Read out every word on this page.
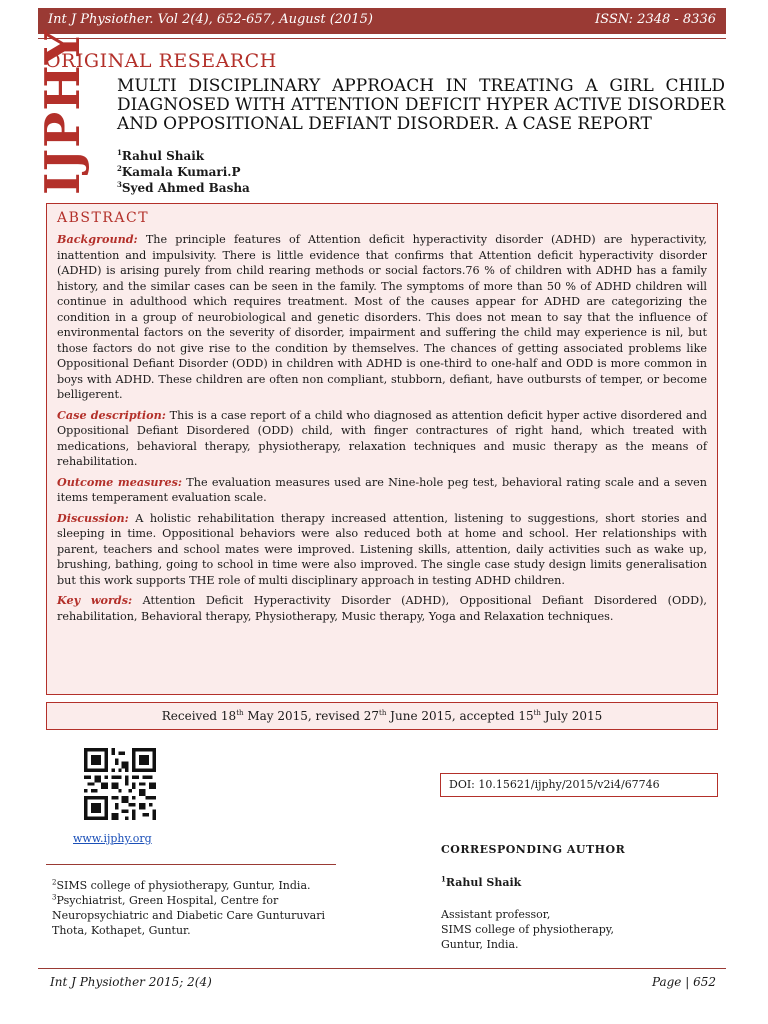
Int J Physiother. Vol 2(4), 652-657, August (2015)	ISSN: 2348 - 8336
ORIGINAL RESEARCH
IJPHY MULTI DISCIPLINARY APPROACH IN TREATING A GIRL CHILD DIAGNOSED WITH ATTENTION DEFICIT HYPER ACTIVE DISORDER AND OPPOSITIONAL DEFIANT DISORDER. A CASE REPORT
$^1$Rahul Shaik
$^2$Kamala Kumari.P
$^3$Syed Ahmed Basha
ABSTRACT

Background: The principle features of Attention deficit hyperactivity disorder (ADHD) are hyperactivity, inattention and impulsivity. There is little evidence that confirms that Attention deficit hyperactivity disorder (ADHD) is arising purely from child rearing methods or social factors.76 % of children with ADHD has a family history, and the similar cases can be seen in the family. The symptoms of more than 50 % of ADHD children will continue in adulthood which requires treatment. Most of the causes appear for ADHD are categorizing the condition in a group of neurobiological and genetic disorders. This does not mean to say that the influence of environmental factors on the severity of disorder, impairment and suffering the child may experience is nil, but those factors do not give rise to the condition by themselves. The chances of getting associated problems like Oppositional Defiant Disorder (ODD) in children with ADHD is one-third to one-half and ODD is more common in boys with ADHD. These children are often non compliant, stubborn, defiant, have outbursts of temper, or become belligerent.

Case description: This is a case report of a child who diagnosed as attention deficit hyper active disordered and Oppositional Defiant Disordered (ODD) child, with finger contractures of right hand, which treated with medications, behavioral therapy, physiotherapy, relaxation techniques and music therapy as the means of rehabilitation.

Outcome measures: The evaluation measures used are Nine-hole peg test, behavioral rating scale and a seven items temperament evaluation scale.

Discussion: A holistic rehabilitation therapy increased attention, listening to suggestions, short stories and sleeping in time. Oppositional behaviors were also reduced both at home and school. Her relationships with parent, teachers and school mates were improved. Listening skills, attention, daily activities such as wake up, brushing, bathing, going to school in time were also improved. The single case study design limits generalisation but this work supports THE role of multi disciplinary approach in testing ADHD children.

Key words: Attention Deficit Hyperactivity Disorder (ADHD), Oppositional Defiant Disordered (ODD), rehabilitation, Behavioral therapy, Physiotherapy, Music therapy, Yoga and Relaxation techniques.

Received 18th May 2015, revised 27th June 2015, accepted 15th July 2015
www.ijphy.org
DOI: 10.15621/ijphy/2015/v2i4/67746
CORRESPONDING AUTHOR
$^1$Rahul Shaik
Assistant professor,
SIMS college of physiotherapy,
Guntur, India.
$^2$SIMS college of physiotherapy, Guntur, India.
$^3$Psychiatrist, Green Hospital, Centre for Neuropsychiatric and Diabetic Care Gunturuvari Thota, Kothapet, Guntur.
Int J Physiother 2015; 2(4)	Page | 652
